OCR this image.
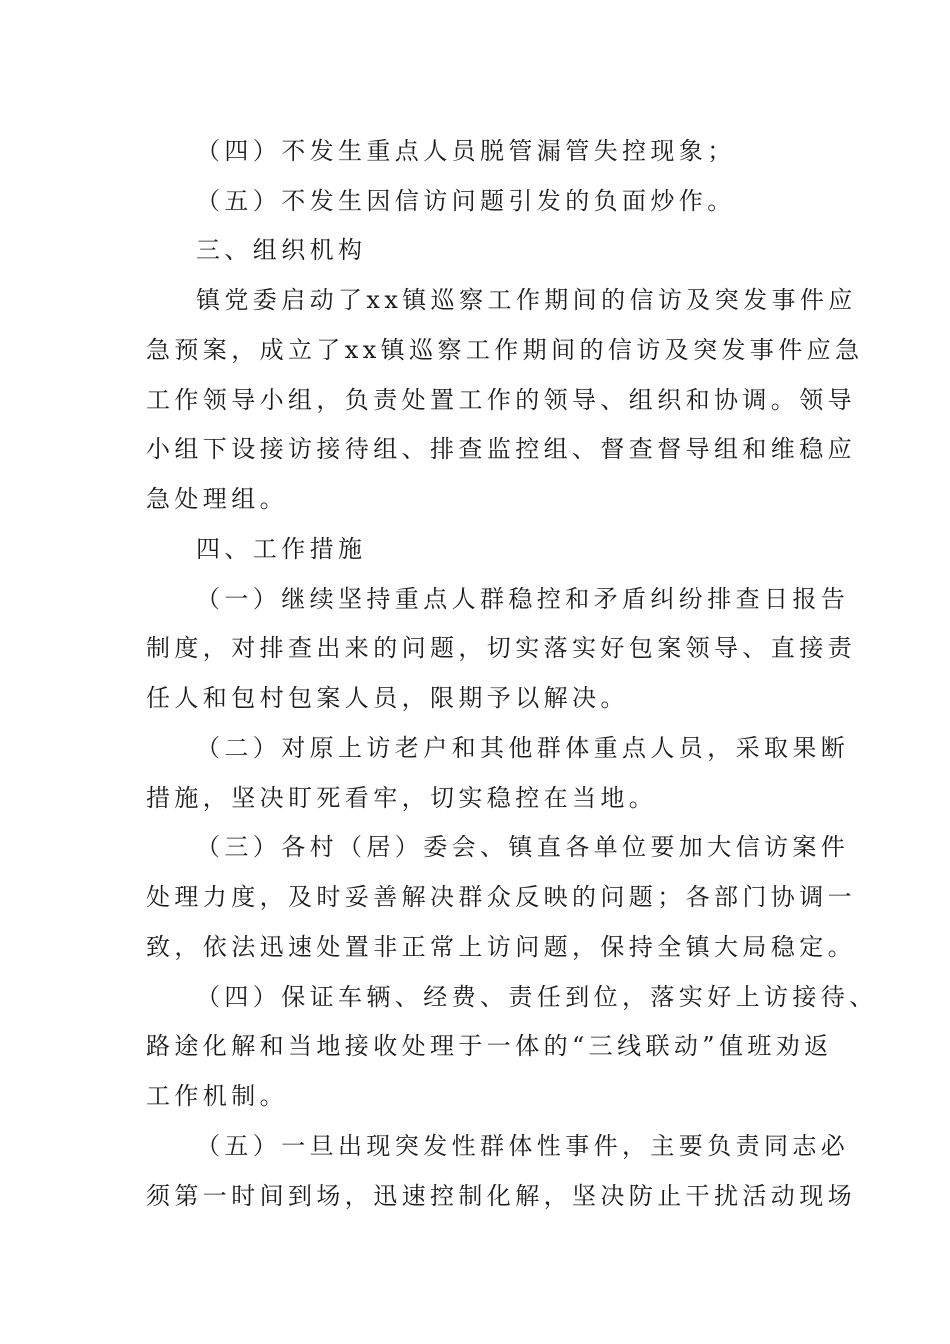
（四）不发生重点人员脱管漏管失控现象；
（五）不发生因信访问题引发的负面炒作。
三、组织机构
镇党委启动了xx镇巡察工作期间的信访及突发事件应
急预案，成立了xx镇巡察工作期间的信访及突发事件应急
工作领导小组，负责处置工作的领导、组织和协调。领导
小组下设接访接待组、排查监控组、督查督导组和维稳应
急处理组。
四、工作措施
（一）继续坚持重点人群稳控和矛盾纠纷排查日报告
制度，对排查出来的问题，切实落实好包案领导、直接责
任人和包村包案人员，限期予以解决。
（二）对原上访老户和其他群体重点人员，采取果断
措施，坚决盯死看牢，切实稳控在当地。
（三）各村（居）委会、镇直各单位要加大信访案件
处理力度，及时妥善解决群众反映的问题；各部门协调一
致，依法迅速处置非正常上访问题，保持全镇大局稳定。
（四）保证车辆、经费、责任到位，落实好上访接待、
路途化解和当地接收处理于一体的“三线联动”值班劝返
工作机制。
（五）一旦出现突发性群体性事件，主要负责同志必
须第一时间到场，迅速控制化解，坚决防止干扰活动现场
